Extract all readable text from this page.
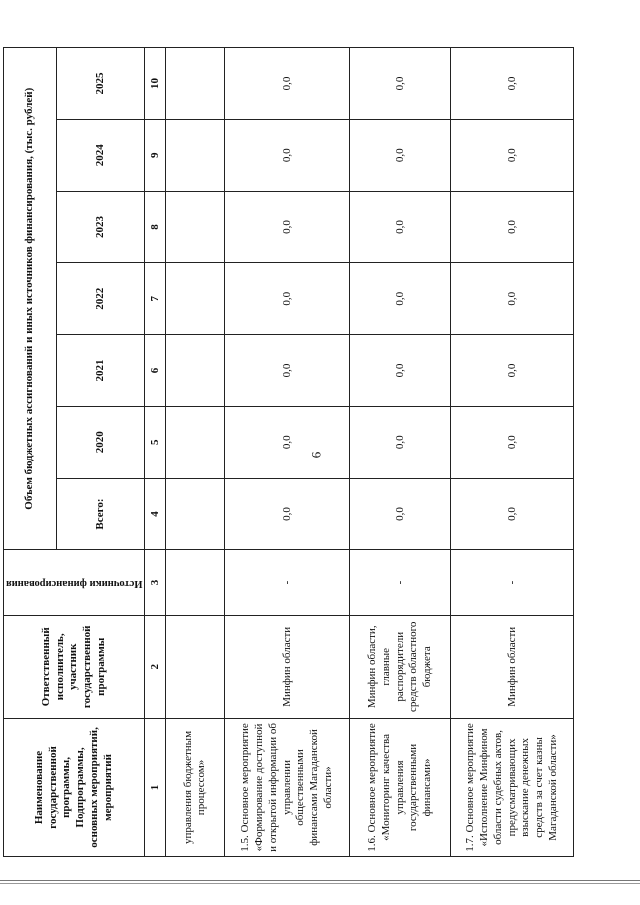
6
Наименование государственной программы, Подпрограммы, основных мероприятий, мероприятий	Ответственный исполнитель, участник государственной программы	Источники финансирования	Объем бюджетных ассигнований и иных источников финансирования, (тыс. рублей)						
			Всего:	2020	2021	2022	2023	2024	2025
1	2	3	4	5	6	7	8	9	10
управления бюджетным процессом»									
1.5. Основное мероприятие «Формирование доступной и открытой информации об управлении общественными финансами Магаданской области»	Минфин области	-	0,0	0,0	0,0	0,0	0,0	0,0	0,0
1.6. Основное мероприятие «Мониторинг качества управления государственными финансами»	Минфин области, главные распорядители средств областного бюджета	-	0,0	0,0	0,0	0,0	0,0	0,0	0,0
1.7. Основное мероприятие «Исполнение Минфином области судебных актов, предусматривающих взыскание денежных средств за счет казны Магаданской области»	Минфин области	-	0,0	0,0	0,0	0,0	0,0	0,0	0,0
